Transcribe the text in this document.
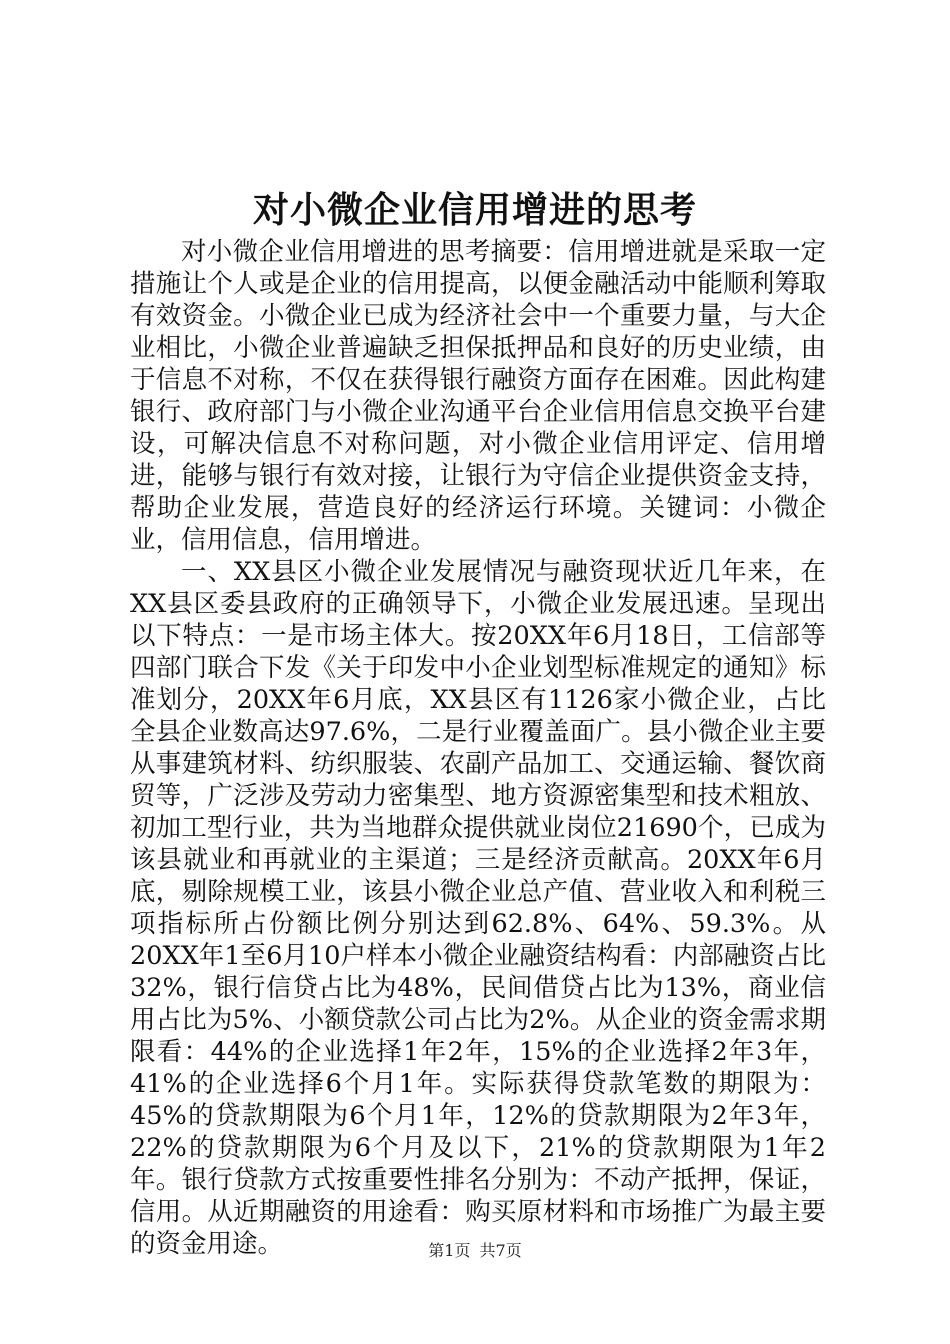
对小微企业信用增进的思考

对小微企业信用增进的思考摘要：信用增进就是采取一定措施让个人或是企业的信用提高，以便金融活动中能顺利筹取有效资金。小微企业已成为经济社会中一个重要力量，与大企业相比，小微企业普遍缺乏担保抵押品和良好的历史业绩，由于信息不对称，不仅在获得银行融资方面存在困难。因此构建银行、政府部门与小微企业沟通平台企业信用信息交换平台建设，可解决信息不对称问题，对小微企业信用评定、信用增进，能够与银行有效对接，让银行为守信企业提供资金支持，帮助企业发展，营造良好的经济运行环境。关键词：小微企业，信用信息，信用增进。

一、XX县区小微企业发展情况与融资现状近几年来，在XX县区委县政府的正确领导下，小微企业发展迅速。呈现出以下特点：一是市场主体大。按20XX年6月18日，工信部等四部门联合下发《关于印发中小企业划型标准规定的通知》标准划分，20XX年6月底，XX县区有1126家小微企业，占比全县企业数高达97.6%，二是行业覆盖面广。县小微企业主要从事建筑材料、纺织服装、农副产品加工、交通运输、餐饮商贸等，广泛涉及劳动力密集型、地方资源密集型和技术粗放、初加工型行业，共为当地群众提供就业岗位21690个，已成为该县就业和再就业的主渠道；三是经济贡献高。20XX年6月底，剔除规模工业，该县小微企业总产值、营业收入和利税三项指标所占份额比例分别达到62.8%、64%、59.3%。从20XX年1至6月10户样本小微企业融资结构看：内部融资占比32%，银行信贷占比为48%，民间借贷占比为13%，商业信用占比为5%、小额贷款公司占比为2%。从企业的资金需求期限看：44%的企业选择1年2年，15%的企业选择2年3年，41%的企业选择6个月1年。实际获得贷款笔数的期限为：45%的贷款期限为6个月1年，12%的贷款期限为2年3年，22%的贷款期限为6个月及以下，21%的贷款期限为1年2年。银行贷款方式按重要性排名分别为：不动产抵押，保证，信用。从近期融资的用途看：购买原材料和市场推广为最主要的资金用途。	第1页 共7页
